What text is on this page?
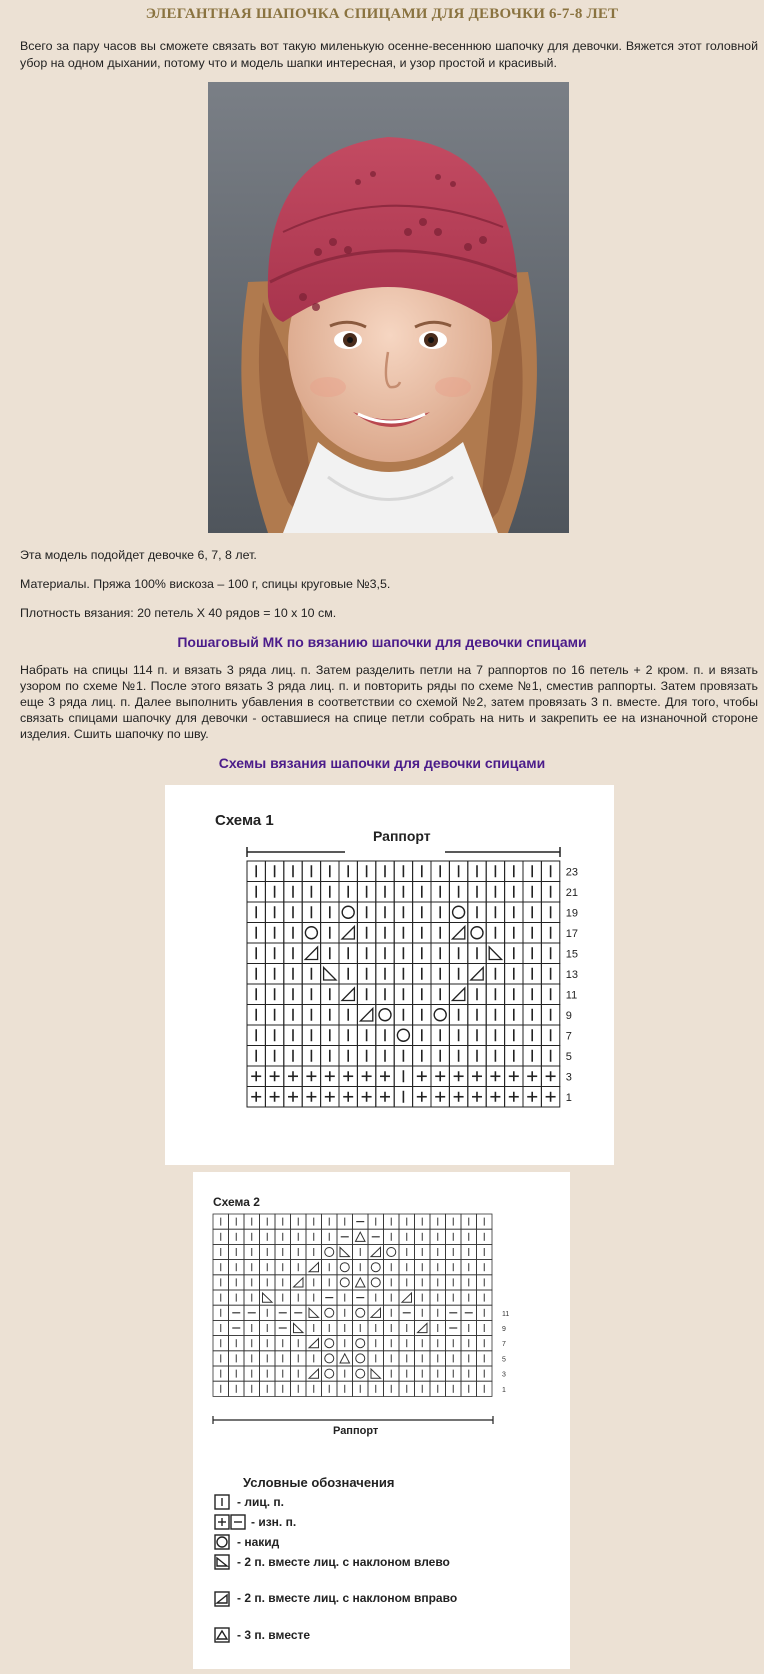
ЭЛЕГАНТНАЯ ШАПОЧКА СПИЦАМИ ДЛЯ ДЕВОЧКИ 6-7-8 ЛЕТ

Всего за пару часов вы сможете связать вот такую миленькую осенне-весеннюю шапочку для девочки. Вяжется этот головной убор на одном дыхании, потому что и модель шапки интересная, и узор простой и красивый.

Эта модель подойдет девочке 6, 7, 8 лет.

Материалы. Пряжа 100% вискоза – 100 г, спицы круговые №3,5.

Плотность вязания: 20 петель Х 40 рядов = 10 х 10 см.

Пошаговый МК по вязанию шапочки для девочки спицами

Набрать на спицы 114 п. и вязать 3 ряда лиц. п. Затем разделить петли на 7 раппортов по 16 петель + 2 кром. п. и вязать узором по схеме №1. После этого вязать 3 ряда лиц. п. и повторить ряды по схеме №1, сместив раппорты. Затем провязать еще 3 ряда лиц. п. Далее выполнить убавления в соответствии со схемой №2, затем провязать 3 п. вместе. Для того, чтобы связать спицами шапочку для девочки - оставшиеся на спице петли собрать на нить и закрепить ее на изнаночной стороне изделия. Сшить шапочку по шву.

Схемы вязания шапочки для девочки спицами
Схема 1
Раппорт
23
21
19
17
15
13
11
9
7
5
3
1
Схема 2
11
9
7
5
3
1
Раппорт
Условные обозначения
- лиц. п.
- изн. п.
- накид
- 2 п. вместе лиц. с наклоном влево
- 2 п. вместе лиц. с наклоном вправо
- 3 п. вместе
